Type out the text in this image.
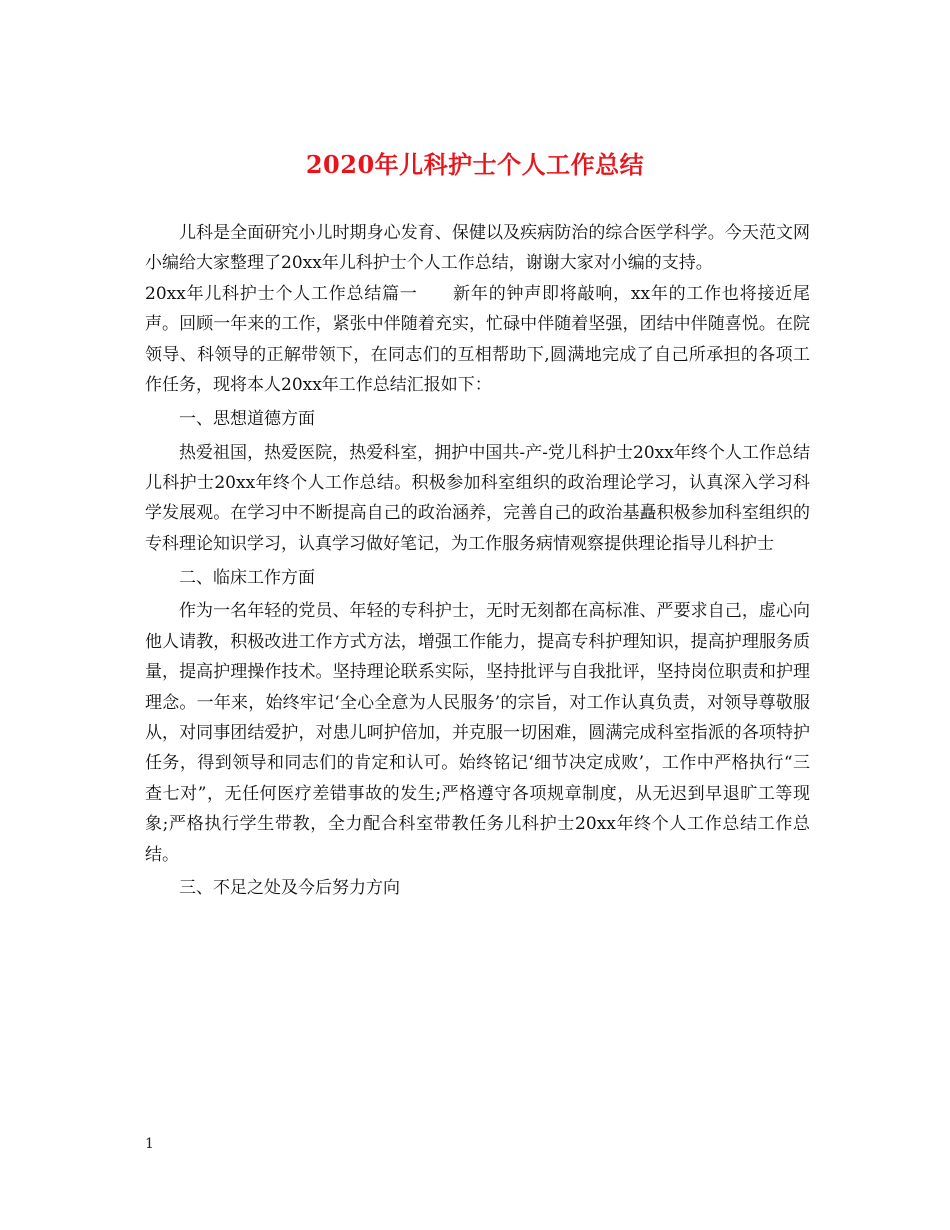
2020年儿科护士个人工作总结

儿科是全面研究小儿时期身心发育、保健以及疾病防治的综合医学科学。今天范文网小编给大家整理了20xx年儿科护士个人工作总结，谢谢大家对小编的支持。

20xx年儿科护士个人工作总结篇一　　新年的钟声即将敲响，xx年的工作也将接近尾声。回顾一年来的工作，紧张中伴随着充实，忙碌中伴随着坚强，团结中伴随喜悦。在院领导、科领导的正解带领下，在同志们的互相帮助下,圆满地完成了自己所承担的各项工作任务，现将本人20xx年工作总结汇报如下：

一、思想道德方面

热爱祖国，热爱医院，热爱科室，拥护中国共-产-党儿科护士20xx年终个人工作总结儿科护士20xx年终个人工作总结。积极参加科室组织的政治理论学习，认真深入学习科学发展观。在学习中不断提高自己的政治涵养，完善自己的政治基矗积极参加科室组织的专科理论知识学习，认真学习做好笔记，为工作服务病情观察提供理论指导儿科护士

二、临床工作方面

作为一名年轻的党员、年轻的专科护士，无时无刻都在高标准、严要求自己，虚心向他人请教，积极改进工作方式方法，增强工作能力，提高专科护理知识，提高护理服务质量，提高护理操作技术。坚持理论联系实际，坚持批评与自我批评，坚持岗位职责和护理理念。一年来，始终牢记‘全心全意为人民服务’的宗旨，对工作认真负责，对领导尊敬服从，对同事团结爱护，对患儿呵护倍加，并克服一切困难，圆满完成科室指派的各项特护任务，得到领导和同志们的肯定和认可。始终铭记‘细节决定成败’，工作中严格执行“三查七对”，无任何医疗差错事故的发生;严格遵守各项规章制度，从无迟到早退旷工等现象;严格执行学生带教，全力配合科室带教任务儿科护士20xx年终个人工作总结工作总结。

三、不足之处及今后努力方向

1
